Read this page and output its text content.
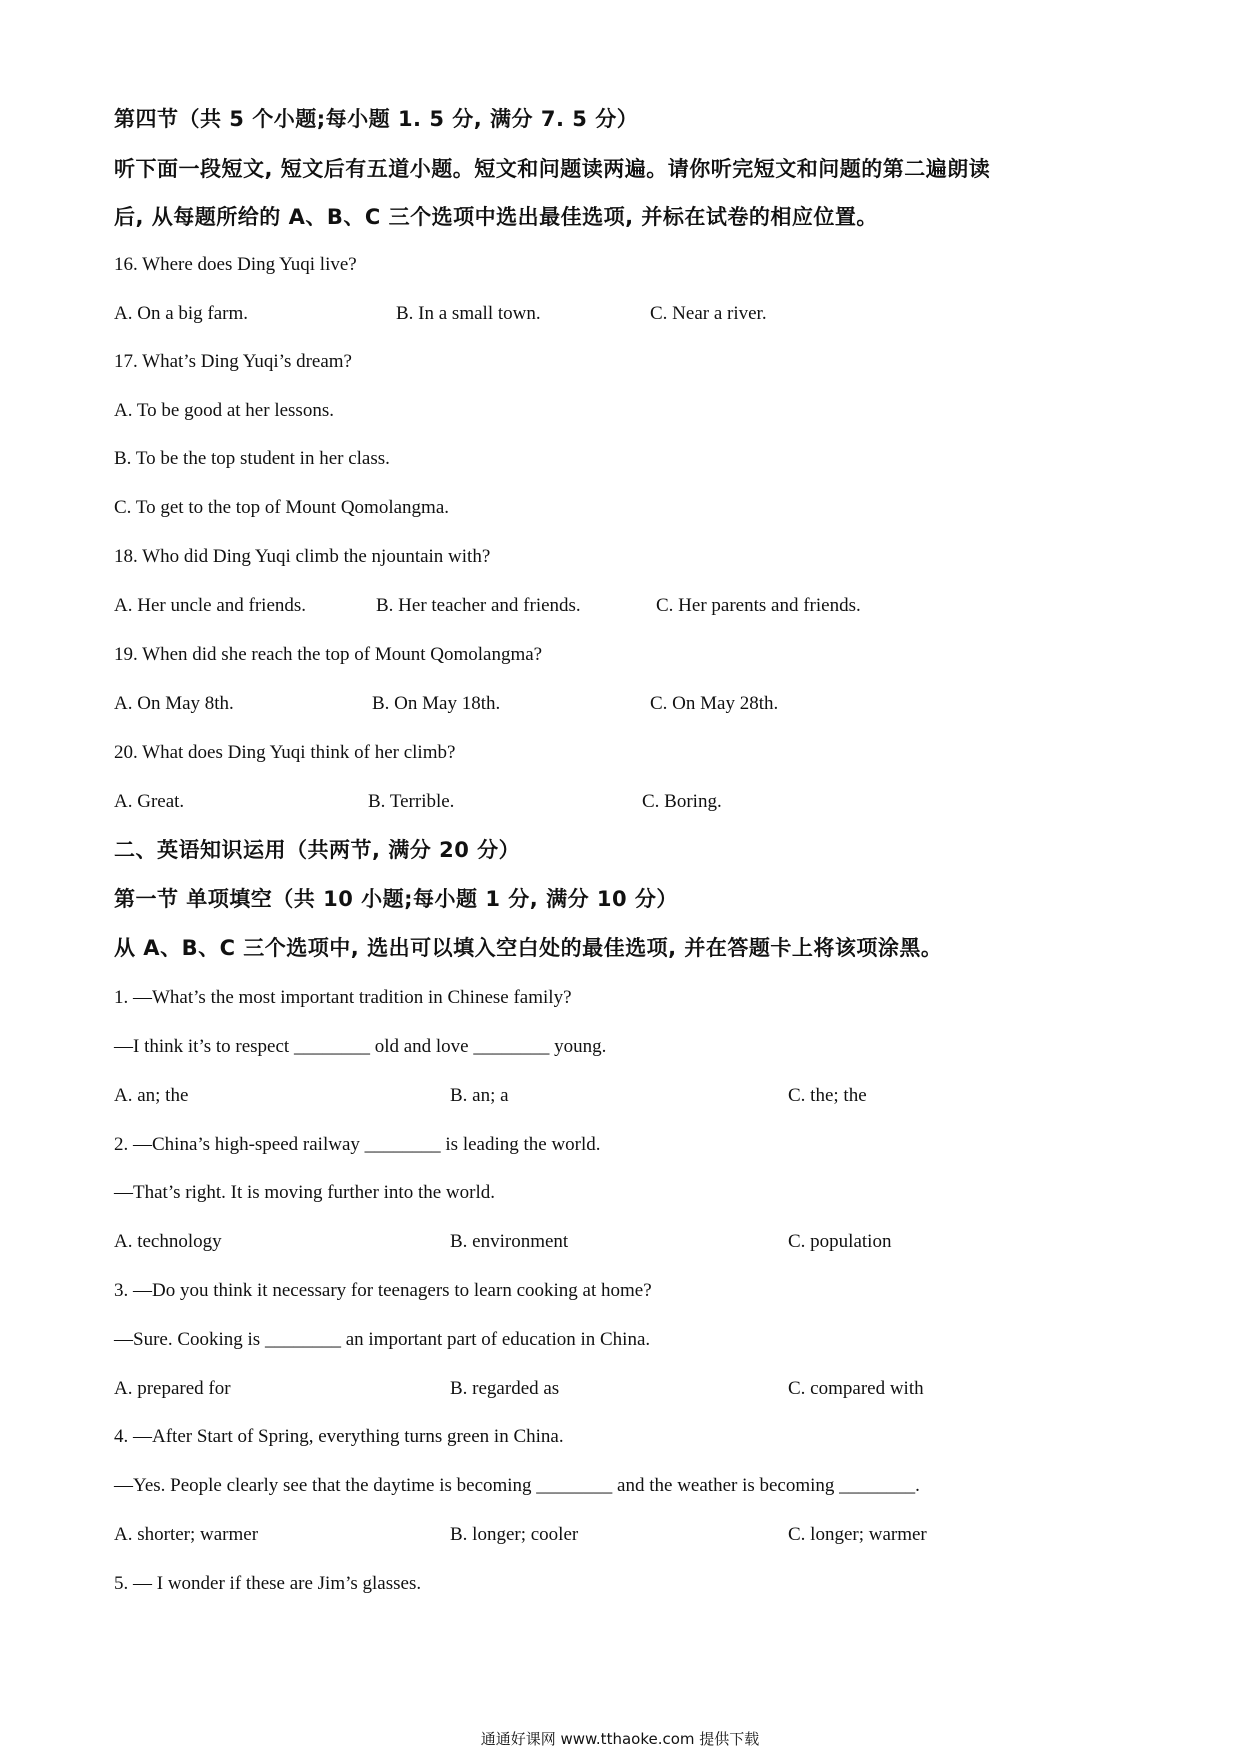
第四节（共 5 个小题;每小题 1. 5 分, 满分 7. 5 分）
听下面一段短文, 短文后有五道小题。短文和问题读两遍。请你听完短文和问题的第二遍朗读
后, 从每题所给的 A、B、C 三个选项中选出最佳选项, 并标在试卷的相应位置。
16. Where does Ding Yuqi live?
A. On a big farm.	B. In a small town.	C. Near a river.
17. What’s Ding Yuqi’s dream?
A. To be good at her lessons.
B. To be the top student in her class.
C. To get to the top of Mount Qomolangma.
18. Who did Ding Yuqi climb the njountain with?
A. Her uncle and friends.	B. Her teacher and friends.	C. Her parents and friends.
19. When did she reach the top of Mount Qomolangma?
A. On May 8th.	B. On May 18th.	C. On May 28th.
20. What does Ding Yuqi think of her climb?
A. Great.	B. Terrible.	C. Boring.
二、英语知识运用（共两节, 满分 20 分）
第一节 单项填空（共 10 小题;每小题 1 分, 满分 10 分）
从 A、B、C 三个选项中, 选出可以填入空白处的最佳选项, 并在答题卡上将该项涂黑。
1. —What’s the most important tradition in Chinese family?
—I think it’s to respect ________ old and love ________ young.
A. an; the	B. an; a	C. the; the
2. —China’s high-speed railway ________ is leading the world.
—That’s right. It is moving further into the world.
A. technology	B. environment	C. population
3. —Do you think it necessary for teenagers to learn cooking at home?
—Sure. Cooking is ________ an important part of education in China.
A. prepared for	B. regarded as	C. compared with
4. —After Start of Spring, everything turns green in China.
—Yes. People clearly see that the daytime is becoming ________ and the weather is becoming ________.
A. shorter; warmer	B. longer; cooler	C. longer; warmer
5. — I wonder if these are Jim’s glasses.
通通好课网 www.tthaoke.com 提供下载
